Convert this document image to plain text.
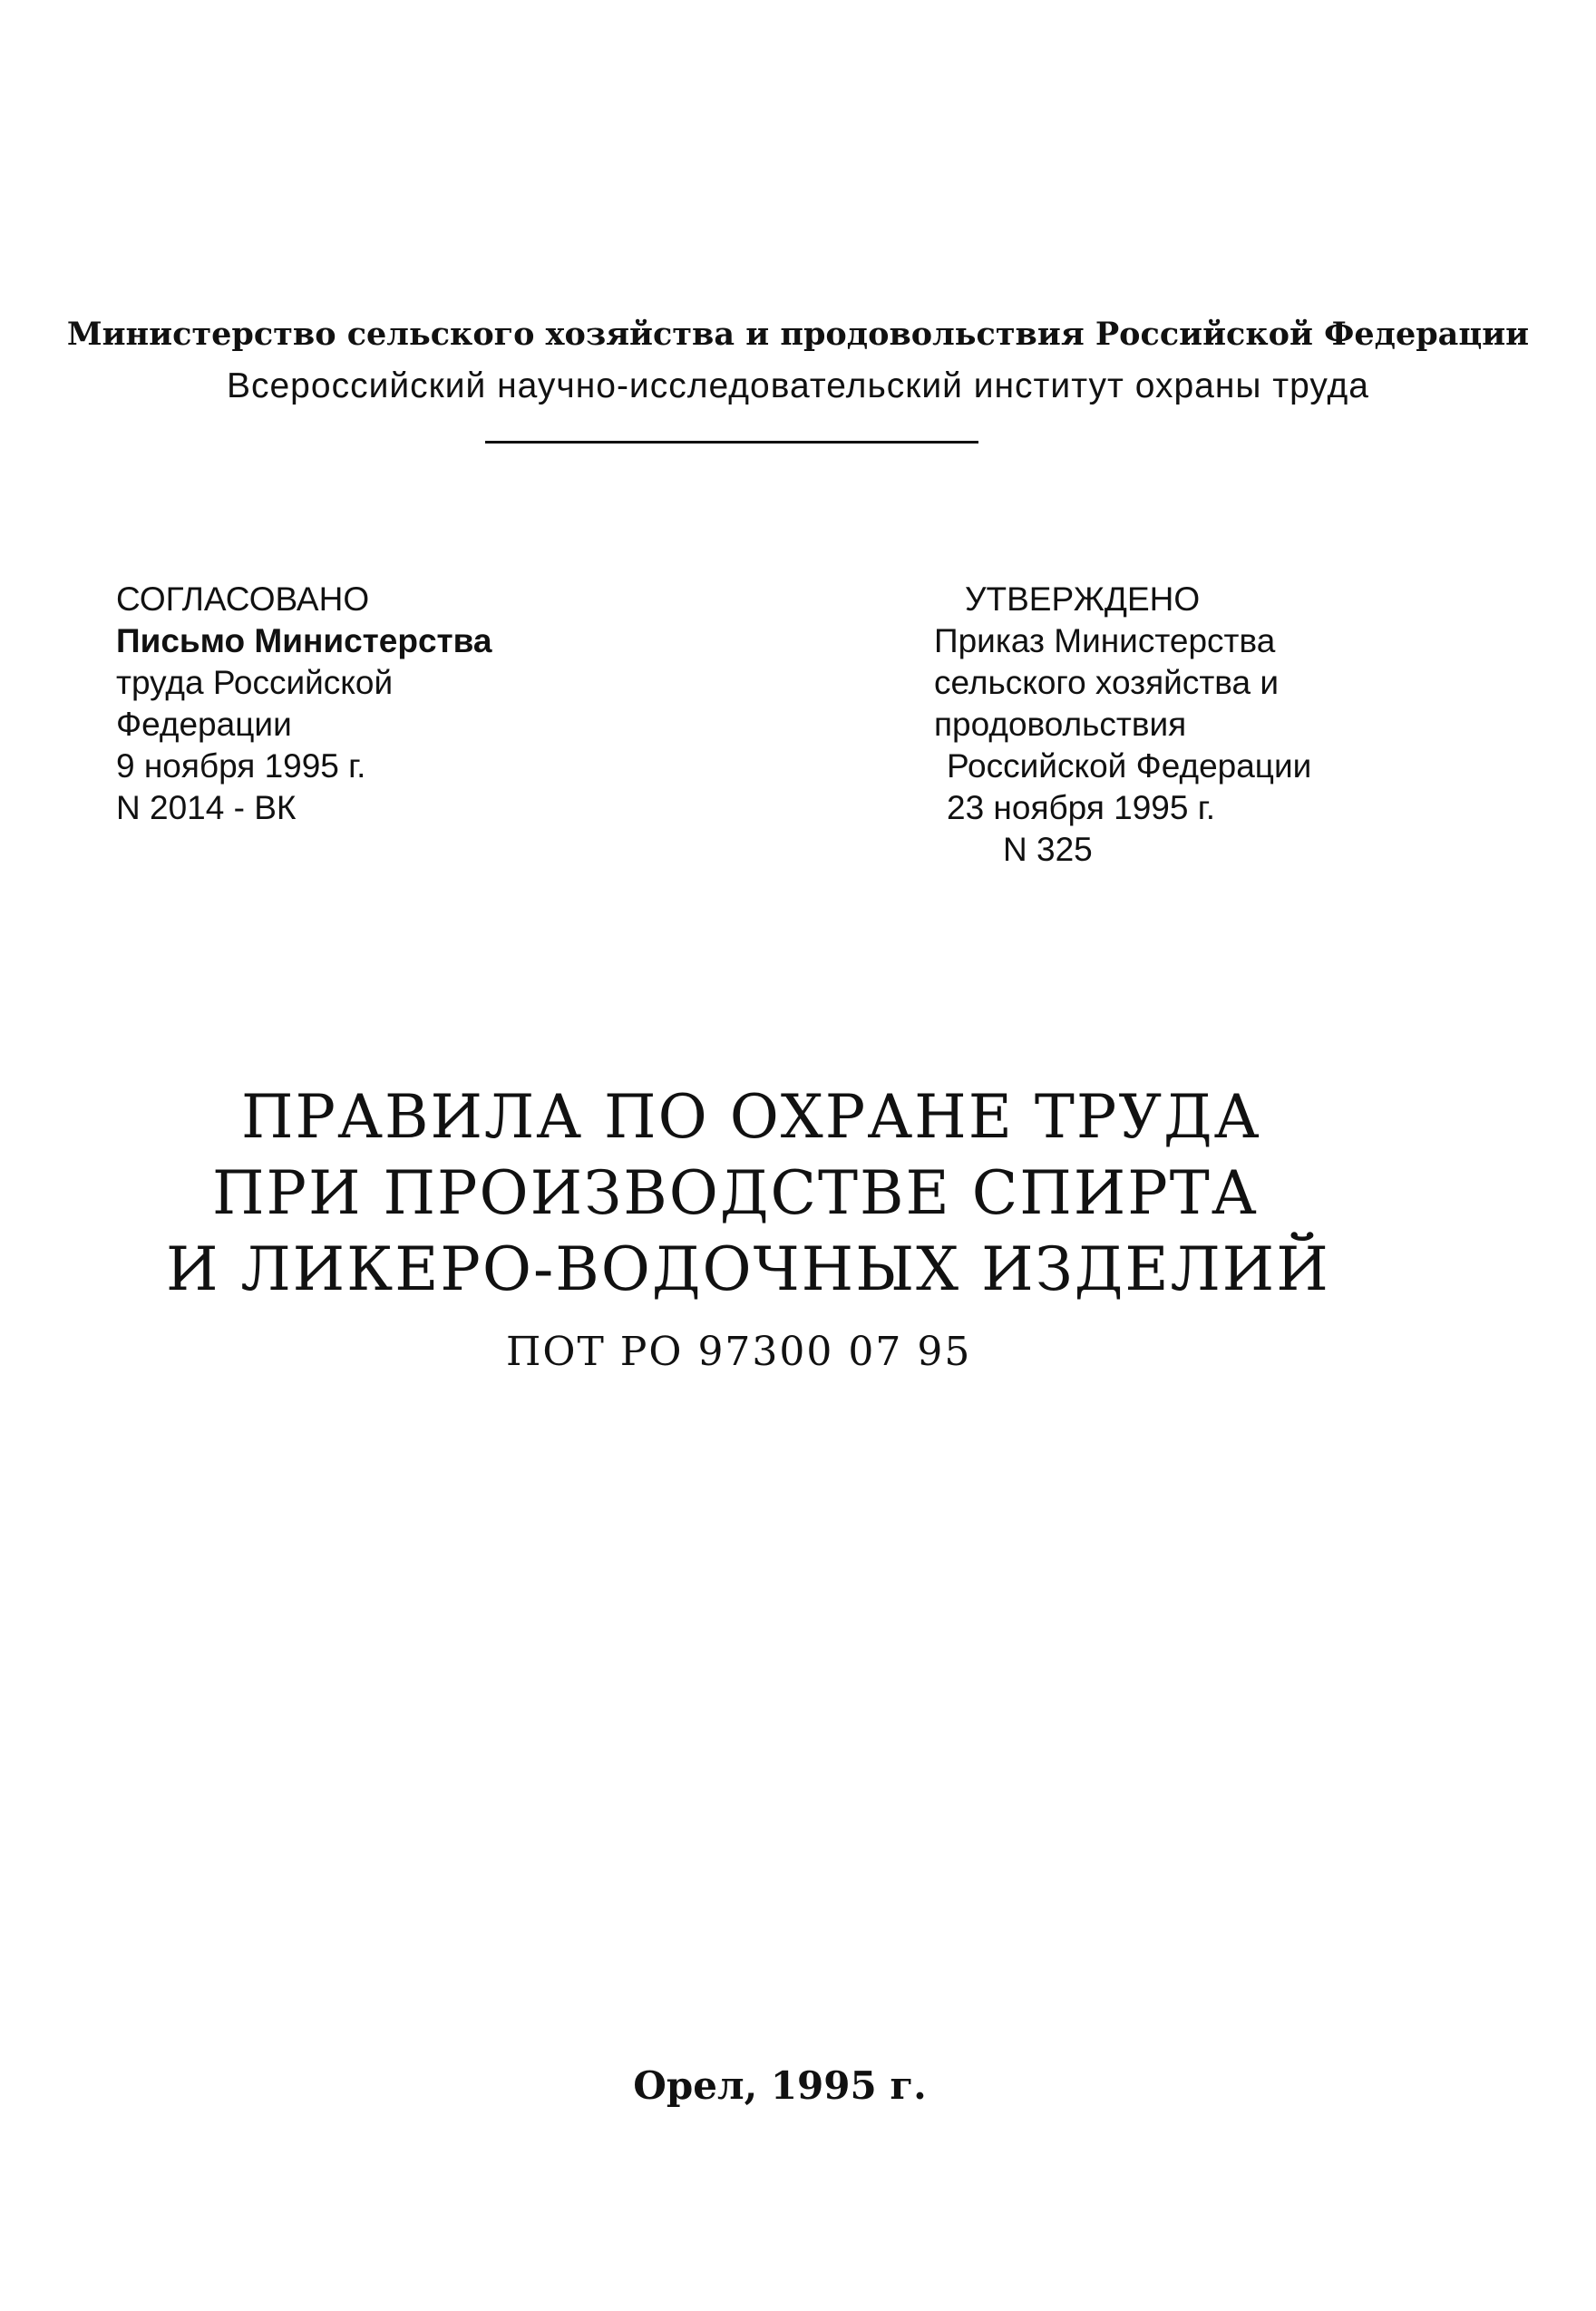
Министерство сельского хозяйства и продовольствия Российской Федерации
Всероссийский научно-исследовательский институт охраны труда
СОГЛАСОВАНО
Письмо Министерства
труда Российской
Федерации
9 ноября 1995 г.
N 2014 - ВК
УТВЕРЖДЕНО
Приказ Министерства
сельского хозяйства и
продовольствия
Российской Федерации
23 ноября 1995 г.
N 325
ПРАВИЛА ПО ОХРАНЕ ТРУДА
ПРИ ПРОИЗВОДСТВЕ СПИРТА
И ЛИКЕРО-ВОДОЧНЫХ ИЗДЕЛИЙ
ПОТ РО 97300 07 95
Орел, 1995 г.
